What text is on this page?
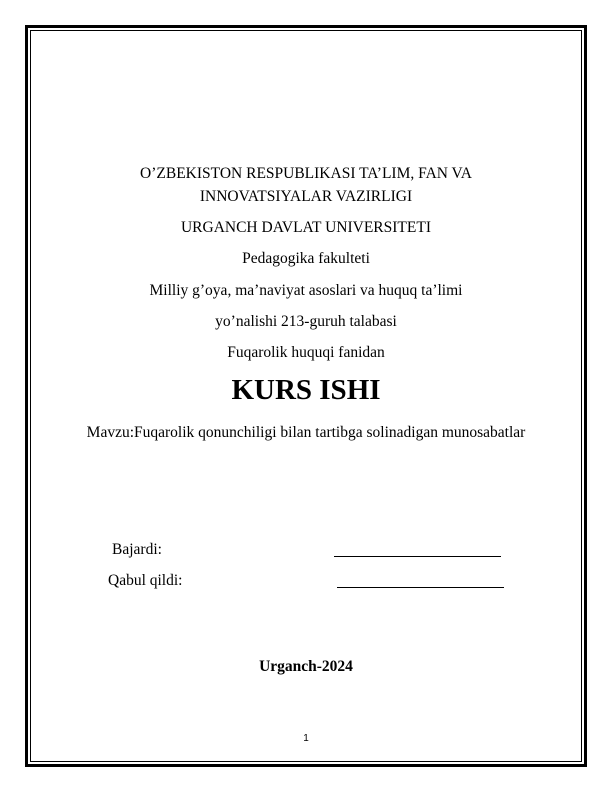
O’ZBEKISTON RESPUBLIKASI TA’LIM, FAN VA
INNOVATSIYALAR VAZIRLIGI
URGANCH DAVLAT UNIVERSITETI
Pedagogika fakulteti
Milliy g’oya, ma’naviyat asoslari va huquq ta’limi
yo’nalishi 213-guruh talabasi
Fuqarolik huquqi fanidan
KURS ISHI
Mavzu:Fuqarolik qonunchiligi bilan tartibga solinadigan munosabatlar
Bajardi:
Qabul qildi:
Urganch-2024
1
